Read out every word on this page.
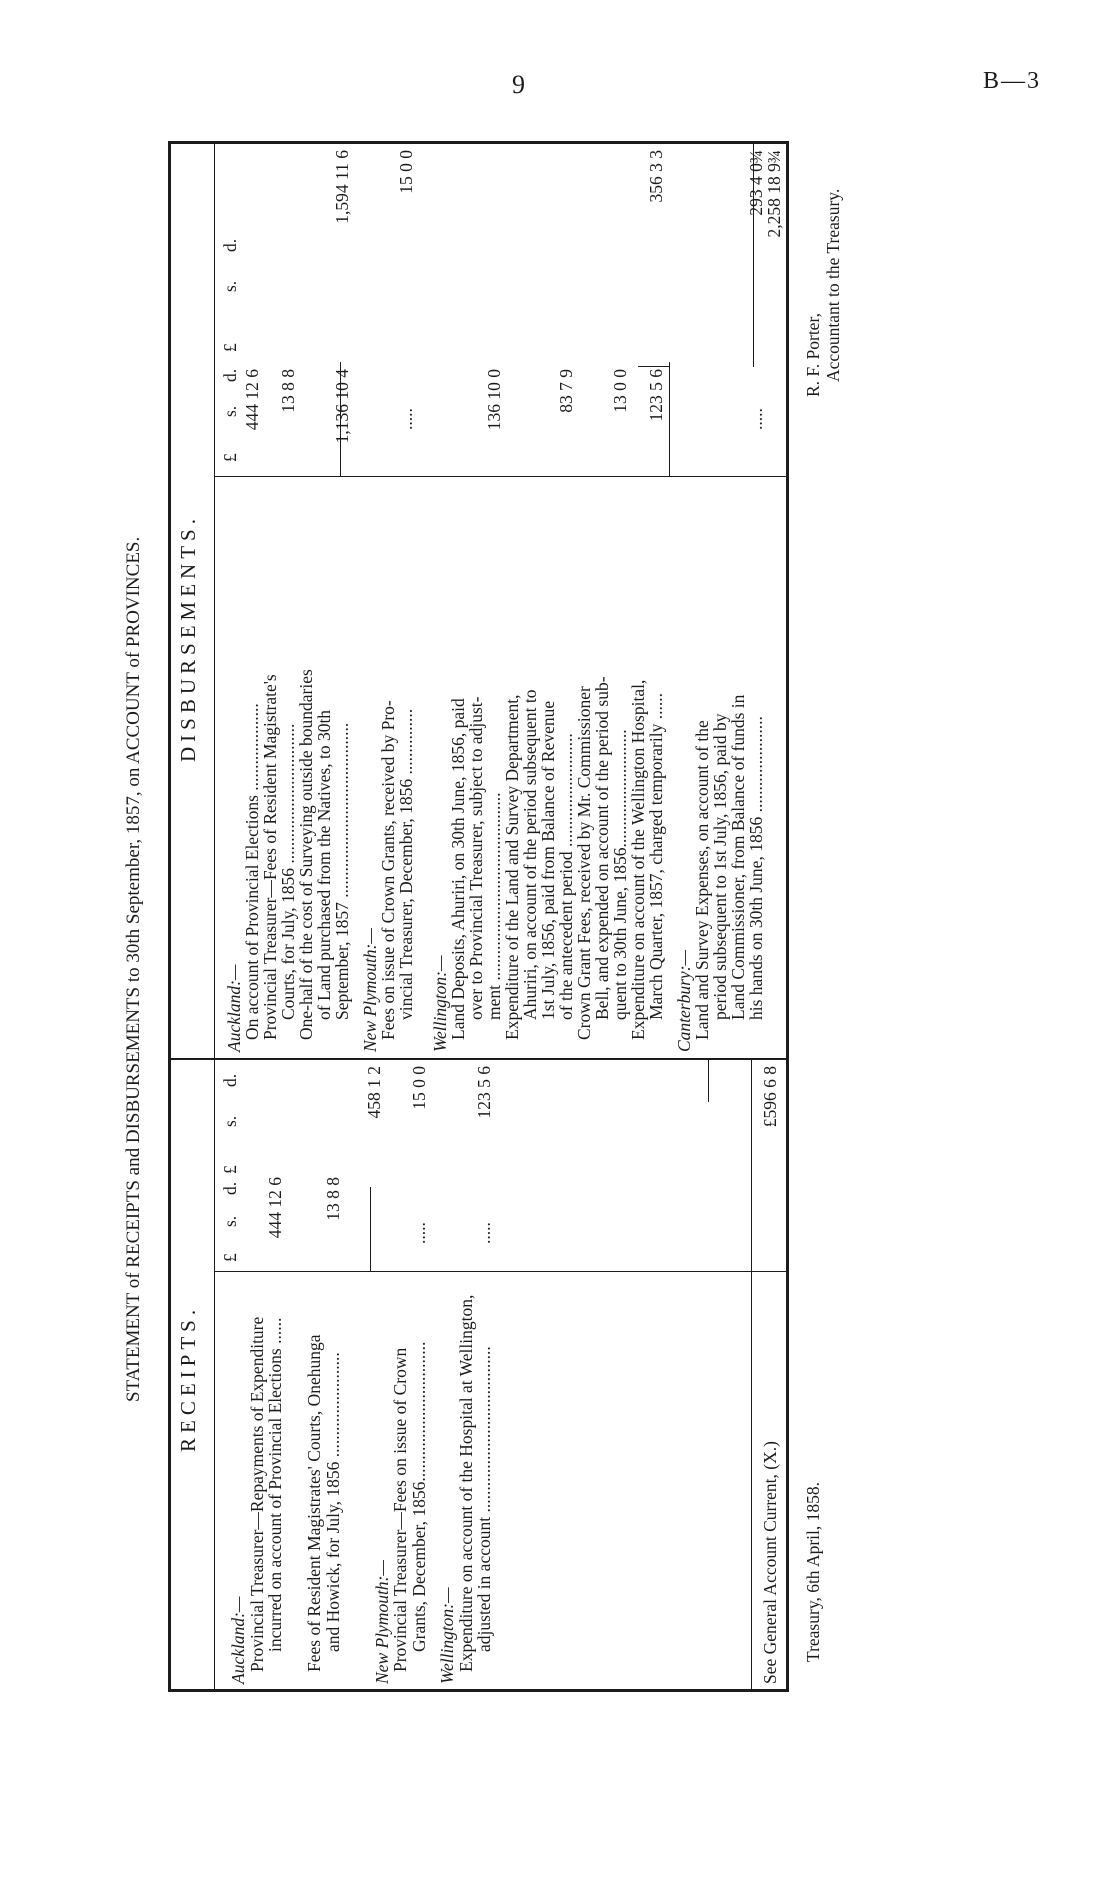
9	B—3
STATEMENT of RECEIPTS and DISBURSEMENTS to 30th September, 1857, on ACCOUNT of PROVINCES. RECEIPTS.
£
s.
d.
£
s.
d.
Auckland:— Provincial Treasurer—Repayments of Expenditure
incurred on account of Provincial Elections ......
444 12 6
Fees of Resident Magistrates' Courts, Onehunga and Howick, for July, 1856 ........................
13 8 8
458 1 2
New Plymouth:—
Provincial Treasurer—Fees on issue of Crown Grants, December, 1856................................
.....
15 0 0
Wellington:— Expenditure on account of the Hospital at Wellington,
adjusted in account ......................................
.....
123 5 6
See General Account Current, (X.)
£596 6 8
DISBURSEMENTS.
£
s.
d.
£
s.
d.
Auckland:—
On account of Provincial Elections ....................
Provincial Treasurer—Fees of Resident Magistrate's
Courts, for July, 1856 ................................
One-half of the cost of Surveying outside boundaries
of Land purchased from the Natives, to 30th
September, 1857 ........................................
444 12 6
13 8 8
1,136 10 4
1,594 11 6
New Plymouth:—
Fees on issue of Crown Grants, received by Pro-
vincial Treasurer, December, 1856 ...............
.....
15 0 0
Wellington:—
Land Deposits, Ahuriri, on 30th June, 1856, paid
over to Provincial Treasurer, subject to adjust-
ment ...........................................
Expenditure of the Land and Survey Department,
Ahuriri, on account of the period subsequent to
1st July, 1856, paid from Balance of Revenue
of the antecedent period ..........................
Crown Grant Fees, received by Mr. Commissioner
Bell, and expended on account of the period sub-
quent to 30th June, 1856...........................
Expenditure on account of the Wellington Hospital,
March Quarter, 1857, charged temporarily ......
136 10 0
83 7 9
13 0 0
123 5 6
356 3 3
Canterbury:—
Land and Survey Expenses, on account of the
period subsequent to 1st July, 1856, paid by
Land Commissioner, from Balance of funds in
his hands on 30th June, 1856 ......................
.....
293 4 0¾
2,258 18 9¾
Treasury, 6th April, 1858.
R. F. Porter, Accountant to the Treasury.
